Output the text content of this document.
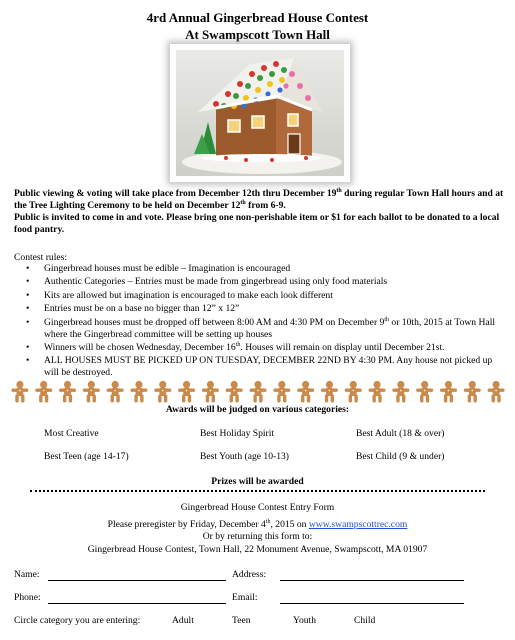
4rd Annual Gingerbread House Contest
At Swampscott Town Hall
Public viewing & voting will take place from December 12th thru December 19th during regular Town Hall hours and at the Tree Lighting Ceremony to be held on December 12th from 6-9.
Public is invited to come in and vote. Please bring one non-perishable item or $1 for each ballot to be donated to a local food pantry.
Contest rules:
• Gingerbread houses must be edible – Imagination is encouraged
• Authentic Categories – Entries must be made from gingerbread using only food materials
• Kits are allowed but imagination is encouraged to make each look different
• Entries must be on a base no bigger than 12” x 12”
• Gingerbread houses must be dropped off between 8:00 AM and 4:30 PM on December 9th or 10th, 2015 at Town Hall where the Gingerbread committee will be setting up houses
• Winners will be chosen Wednesday, December 16th. Houses will remain on display until December 21st.
• ALL HOUSES MUST BE PICKED UP ON TUESDAY, DECEMBER 22ND BY 4:30 PM. Any house not picked up will be destroyed.
Awards will be judged on various categories:
Most Creative	Best Holiday Spirit	Best Adult (18 & over)
Best Teen (age 14-17)	Best Youth (age 10-13)	Best Child (9 & under)
Prizes will be awarded
Gingerbread House Contest Entry Form
Please preregister by Friday, December 4th, 2015 on www.swampscottrec.com
Or by returning this form to:
Gingerbread House Contest, Town Hall, 22 Monument Avenue, Swampscott, MA 01907
Name:	Address:
Phone:	Email:
Circle category you are entering:	Adult	Teen	Youth	Child
